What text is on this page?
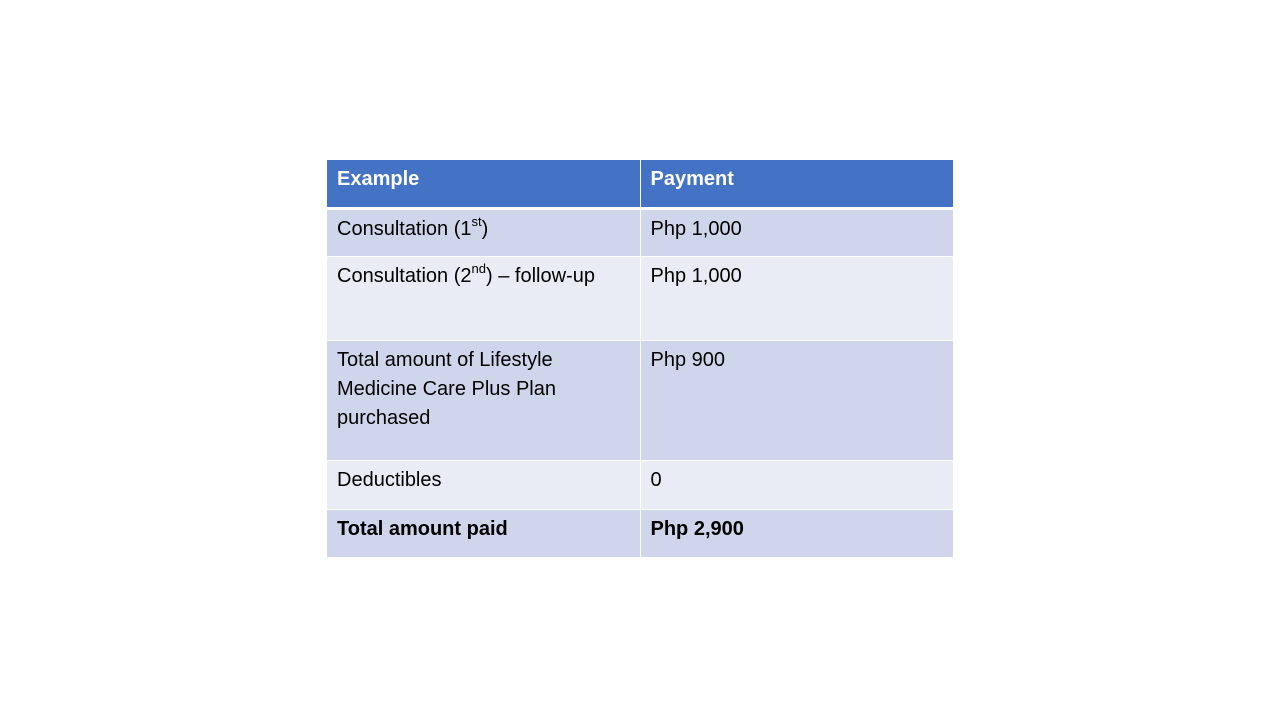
Example	Payment
Consultation (1st)	Php 1,000
Consultation (2nd) – follow-up	Php 1,000
Total amount of Lifestyle Medicine Care Plus Plan purchased	Php 900
Deductibles	0
Total amount paid	Php 2,900
